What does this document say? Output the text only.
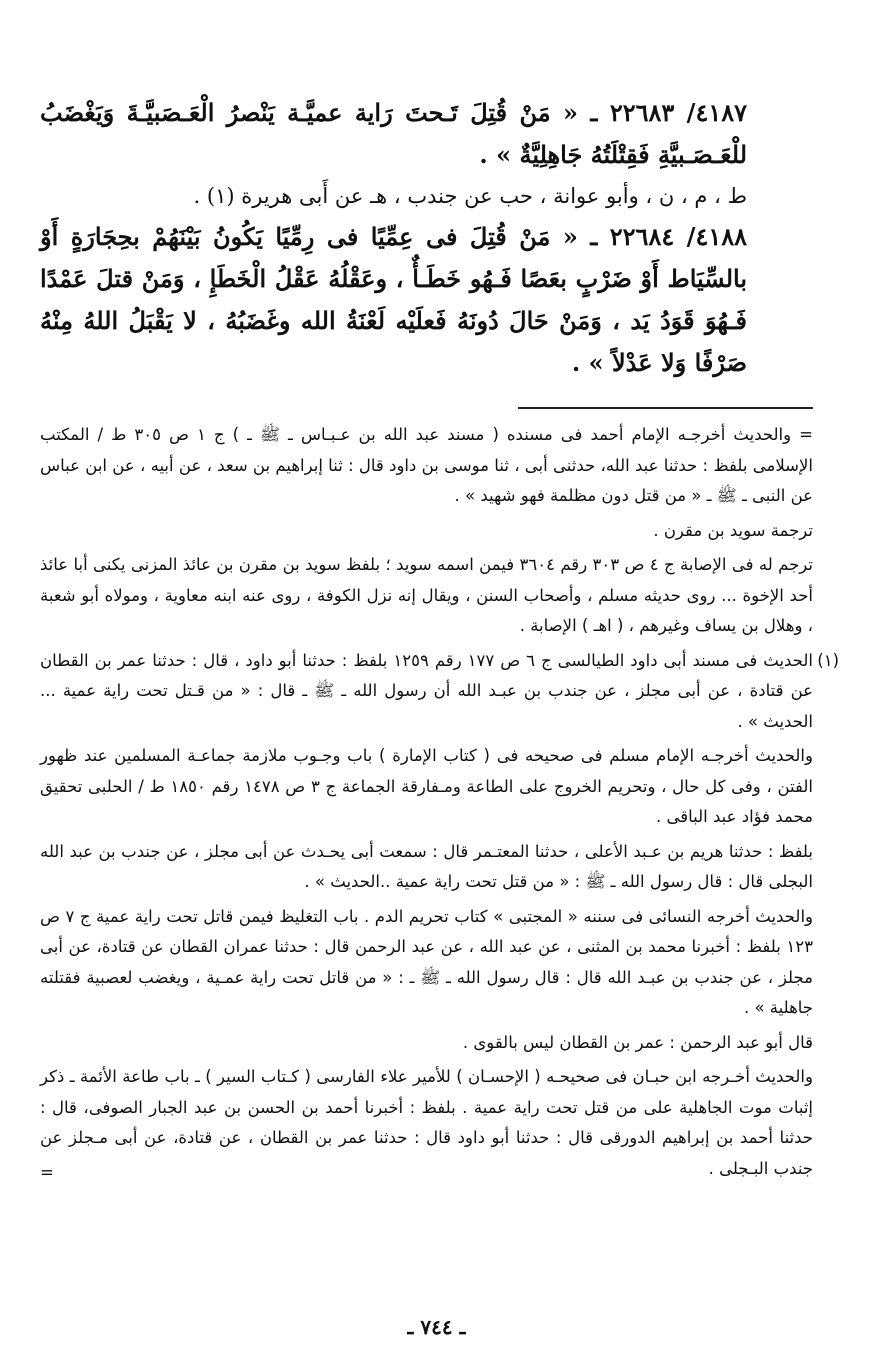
٤١٨٧/ ٢٢٦٨٣ ـ « مَنْ قُتِلَ تَـحتَ رَاية عميَّـة يَنْصرُ الْعَـصَبيَّـةَ وَيَغْضَبُ للْعَـصَـبيَّةِ فَقِتْلَتُهُ جَاهِلِيَّةٌ » .

ط ، م ، ن ، وأبو عوانة ، حب عن جندب ، هـ عن أَبى هريرة (١) .

٤١٨٨/ ٢٢٦٨٤ ـ « مَنْ قُتِلَ فى عِمِّيًا فى رِمِّيًا يَكُونُ بَيْنَهُمْ بحِجَارَةٍ أَوْ بالسِّيَاط أَوْ ضَرْبٍ بعَصًا فَـهُو خَطَـأٌ ، وعَقْلُهُ عَقْلُ الْخَطَإِ ، وَمَنْ قتلَ عَمْدًا فَـهُوَ قَوَدُ يَد ، وَمَنْ حَالَ دُونَهُ فَعلَيْه لَعْنَةُ الله وغَضَبُهُ ، لا يَقْبَلُ اللهُ مِنْهُ صَرْفًا وَلا عَدْلاً » .

= والحديث أخرجـه الإمام أحمد فى مسنده ( مسند عبد الله بن عـبـاس ـ ﷺ ـ ) ج ١ ص ٣٠٥ ط / المكتب الإسلامى بلفظ : حدثنا عبد الله، حدثنى أبى ، ثنا موسى بن داود قال : ثنا إبراهيم بن سعد ، عن أبيه ، عن ابن عباس عن النبى ـ ﷺ ـ « من قتل دون مظلمة فهو شهيد » .

ترجمة سويد بن مقرن .

ترجم له فى الإصابة ج ٤ ص ٣٠٣ رقم ٣٦٠٤ فيمن اسمه سويد ؛ بلفظ سويد بن مقرن بن عائذ المزنى يكنى أبا عائذ أحد الإخوة ... روى حديثه مسلم ، وأصحاب السنن ، ويقال إنه نزل الكوفة ، روى عنه ابنه معاوية ، ومولاه أبو شعبة ، وهلال بن يساف وغيرهم ، ( اهـ ) الإصابة .

(١)
الحديث فى مسند أبى داود الطيالسى ج ٦ ص ١٧٧ رقم ١٢٥٩ بلفظ : حدثنا أبو داود ، قال : حدثنا عمر بن القطان عن قتادة ، عن أبى مجلز ، عن جندب بن عبـد الله أن رسول الله ـ ﷺ ـ قال : « من قـتل تحت راية عمية ... الحديث » .

والحديث أخرجـه الإمام مسلم فى صحيحه فى ( كتاب الإمارة ) باب وجـوب ملازمة جماعـة المسلمين عند ظهور الفتن ، وفى كل حال ، وتحريم الخروج على الطاعة ومـفارقة الجماعة ج ٣ ص ١٤٧٨ رقم ١٨٥٠ ط / الحلبى تحقيق محمد فؤاد عبد الباقى .

بلفظ : حدثنا هريم بن عـبد الأعلى ، حدثنا المعتـمر قال : سمعت أبى يحـدث عن أبى مجلز ، عن جندب بن عبد الله البجلى قال : قال رسول الله ـ ﷺ : « من قتل تحت راية عمية ..الحديث » .

والحديث أخرجه النسائى فى سننه « المجتبى » كتاب تحريم الدم . باب التغليظ فيمن قاتل تحت راية عمية ج ٧ ص ١٢٣ بلفظ : أخبرنا محمد بن المثنى ، عن عبد الله ، عن عبد الرحمن قال : حدثنا عمران القطان عن قتادة، عن أبى مجلز ، عن جندب بن عبـد الله قال : قال رسول الله ـ ﷺ ـ : « من قاتل تحت راية عمـية ، ويغضب لعصبية فقتلته جاهلية » .

قال أبو عبد الرحمن : عمر بن القطان ليس بالقوى .

والحديث أخـرجه ابن حبـان فى صحيحـه ( الإحسـان ) للأمير علاء الفارسى ( كـتاب السير ) ـ باب طاعة الأئمة ـ ذكر إثبات موت الجاهلية على من قتل تحت راية عمية . بلفظ : أخبرنا أحمد بن الحسن بن عبد الجبار الصوفى، قال : حدثنا أحمد بن إبراهيم الدورقى قال : حدثنا أبو داود قال : حدثنا عمر بن القطان ، عن قتادة، عن أبى مـجلز عن جندب البـجلى .

=

ـ ٧٤٤ ـ
